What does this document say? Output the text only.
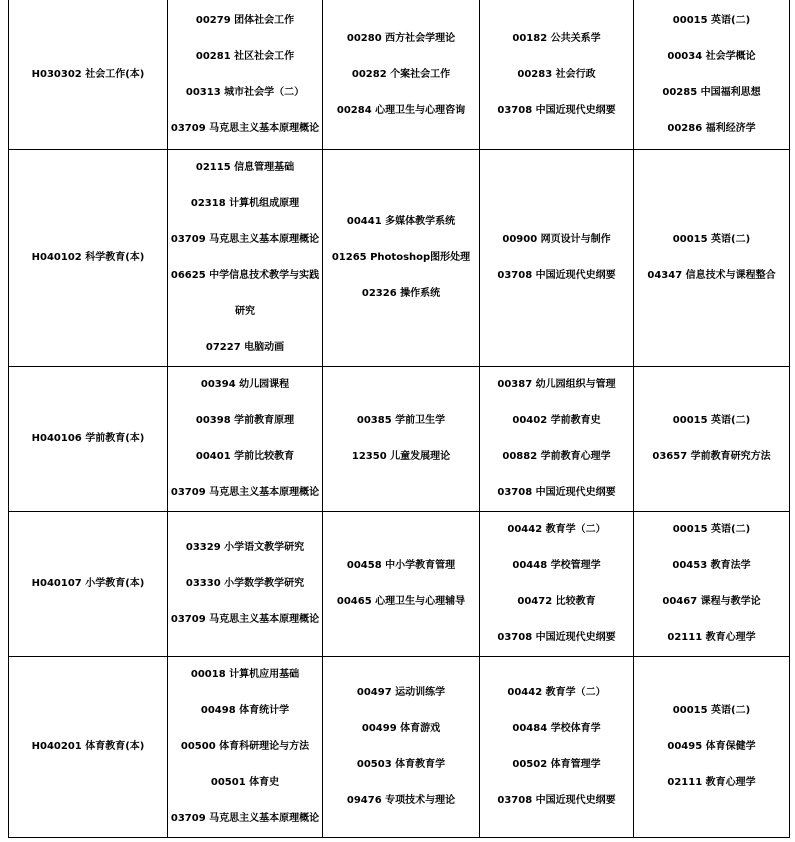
H030302 社会工作(本)	00279 团体社会工作
00281 社区社会工作
00313 城市社会学（二）
03709 马克思主义基本原理概论	00280 西方社会学理论
00282 个案社会工作
00284 心理卫生与心理咨询	00182 公共关系学
00283 社会行政
03708 中国近现代史纲要	00015 英语(二)
00034 社会学概论
00285 中国福利思想
00286 福利经济学

H040102 科学教育(本)	02115 信息管理基础
02318 计算机组成原理
03709 马克思主义基本原理概论
06625 中学信息技术教学与实践研究
07227 电脑动画	00441 多媒体教学系统
01265 Photoshop图形处理
02326 操作系统	00900 网页设计与制作
03708 中国近现代史纲要	00015 英语(二)
04347 信息技术与课程整合

H040106 学前教育(本)	00394 幼儿园课程
00398 学前教育原理
00401 学前比较教育
03709 马克思主义基本原理概论	00385 学前卫生学
12350 儿童发展理论	00387 幼儿园组织与管理
00402 学前教育史
00882 学前教育心理学
03708 中国近现代史纲要	00015 英语(二)
03657 学前教育研究方法

H040107 小学教育(本)	03329 小学语文教学研究
03330 小学数学教学研究
03709 马克思主义基本原理概论	00458 中小学教育管理
00465 心理卫生与心理辅导	00442 教育学（二）
00448 学校管理学
00472 比较教育
03708 中国近现代史纲要	00015 英语(二)
00453 教育法学
00467 课程与教学论
02111 教育心理学

H040201 体育教育(本)	00018 计算机应用基础
00498 体育统计学
00500 体育科研理论与方法
00501 体育史
03709 马克思主义基本原理概论	00497 运动训练学
00499 体育游戏
00503 体育教育学
09476 专项技术与理论	00442 教育学（二）
00484 学校体育学
00502 体育管理学
03708 中国近现代史纲要	00015 英语(二)
00495 体育保健学
02111 教育心理学
